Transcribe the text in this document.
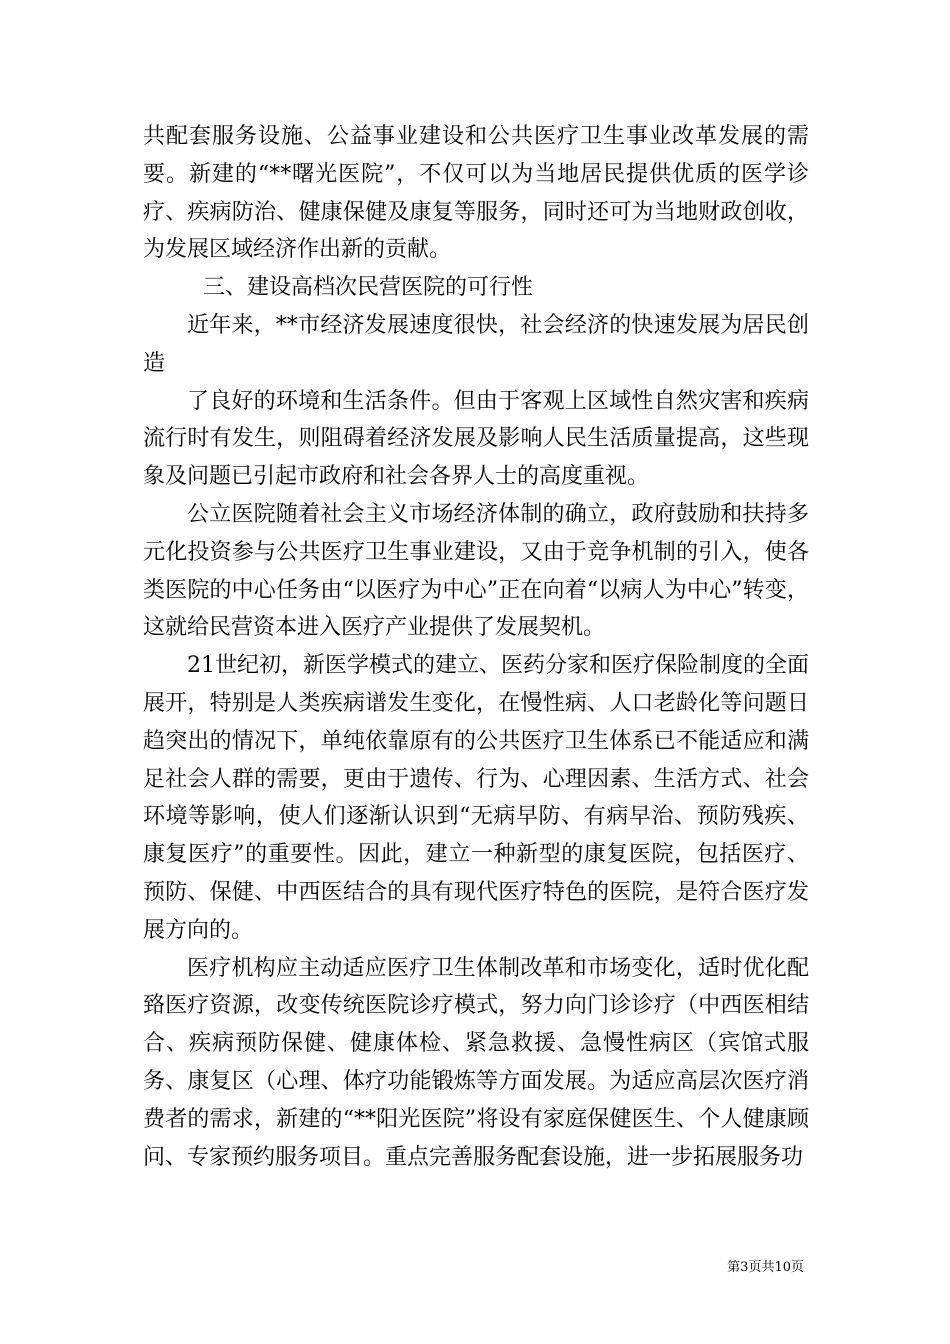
共配套服务设施、公益事业建设和公共医疗卫生事业改革发展的需要。新建的“**曙光医院”，不仅可以为当地居民提供优质的医学诊疗、疾病防治、健康保健及康复等服务，同时还可为当地财政创收，为发展区域经济作出新的贡献。

三、建设高档次民营医院的可行性

近年来，**市经济发展速度很快，社会经济的快速发展为居民创造

了良好的环境和生活条件。但由于客观上区域性自然灾害和疾病流行时有发生，则阻碍着经济发展及影响人民生活质量提高，这些现象及问题已引起市政府和社会各界人士的高度重视。

公立医院随着社会主义市场经济体制的确立，政府鼓励和扶持多元化投资参与公共医疗卫生事业建设，又由于竞争机制的引入，使各类医院的中心任务由“以医疗为中心”正在向着“以病人为中心”转变，这就给民营资本进入医疗产业提供了发展契机。

21世纪初，新医学模式的建立、医药分家和医疗保险制度的全面展开，特别是人类疾病谱发生变化，在慢性病、人口老龄化等问题日趋突出的情况下，单纯依靠原有的公共医疗卫生体系已不能适应和满足社会人群的需要，更由于遗传、行为、心理因素、生活方式、社会环境等影响，使人们逐渐认识到“无病早防、有病早治、预防残疾、康复医疗”的重要性。因此，建立一种新型的康复医院，包括医疗、预防、保健、中西医结合的具有现代医疗特色的医院，是符合医疗发展方向的。

医疗机构应主动适应医疗卫生体制改革和市场变化，适时优化配臵医疗资源，改变传统医院诊疗模式，努力向门诊诊疗（中西医相结合、疾病预防保健、健康体检、紧急救援、急慢性病区（宾馆式服务、康复区（心理、体疗功能锻炼等方面发展。为适应高层次医疗消费者的需求，新建的“**阳光医院”将设有家庭保健医生、个人健康顾问、专家预约服务项目。重点完善服务配套设施，进一步拓展服务功

第3页共10页
